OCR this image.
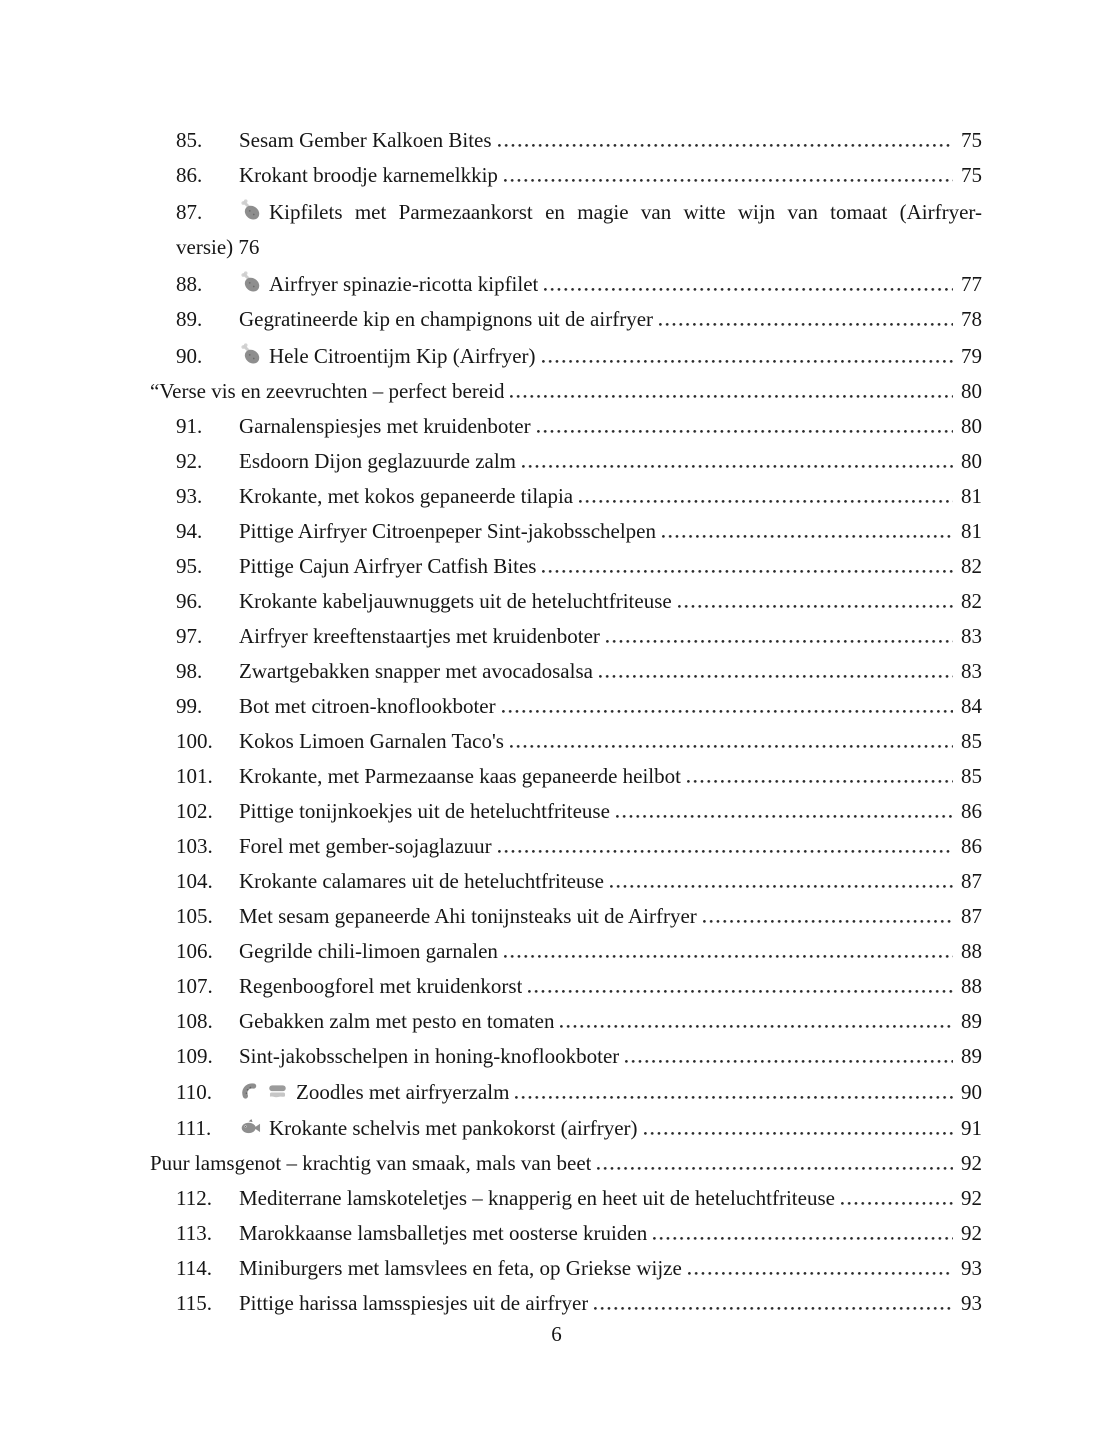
85.	Sesam Gember Kalkoen Bites	75
86.	Krokant broodje karnemelkkip	75
87.	Kipfilets met Parmezaankorst en magie van witte wijn van tomaat (Airfryer-
versie) 76
88.	Airfryer spinazie-ricotta kipfilet	77
89.	Gegratineerde kip en champignons uit de airfryer	78
90.	Hele Citroentijm Kip (Airfryer)	79
“Verse vis en zeevruchten – perfect bereid	80
91.	Garnalenspiesjes met kruidenboter	80
92.	Esdoorn Dijon geglazuurde zalm	80
93.	Krokante, met kokos gepaneerde tilapia	81
94.	Pittige Airfryer Citroenpeper Sint-jakobsschelpen	81
95.	Pittige Cajun Airfryer Catfish Bites	82
96.	Krokante kabeljauwnuggets uit de heteluchtfriteuse	82
97.	Airfryer kreeftenstaartjes met kruidenboter	83
98.	Zwartgebakken snapper met avocadosalsa	83
99.	Bot met citroen-knoflookboter	84
100.	Kokos Limoen Garnalen Taco's	85
101.	Krokante, met Parmezaanse kaas gepaneerde heilbot	85
102.	Pittige tonijnkoekjes uit de heteluchtfriteuse	86
103.	Forel met gember-sojaglazuur	86
104.	Krokante calamares uit de heteluchtfriteuse	87
105.	Met sesam gepaneerde Ahi tonijnsteaks uit de Airfryer	87
106.	Gegrilde chili-limoen garnalen	88
107.	Regenboogforel met kruidenkorst	88
108.	Gebakken zalm met pesto en tomaten	89
109.	Sint-jakobsschelpen in honing-knoflookboter	89
110.	Zoodles met airfryerzalm	90
111.	Krokante schelvis met pankokorst (airfryer)	91
Puur lamsgenot – krachtig van smaak, mals van beet	92
112.	Mediterrane lamskoteletjes – knapperig en heet uit de heteluchtfriteuse	92
113.	Marokkaanse lamsballetjes met oosterse kruiden	92
114.	Miniburgers met lamsvlees en feta, op Griekse wijze	93
115.	Pittige harissa lamsspiesjes uit de airfryer	93
6
